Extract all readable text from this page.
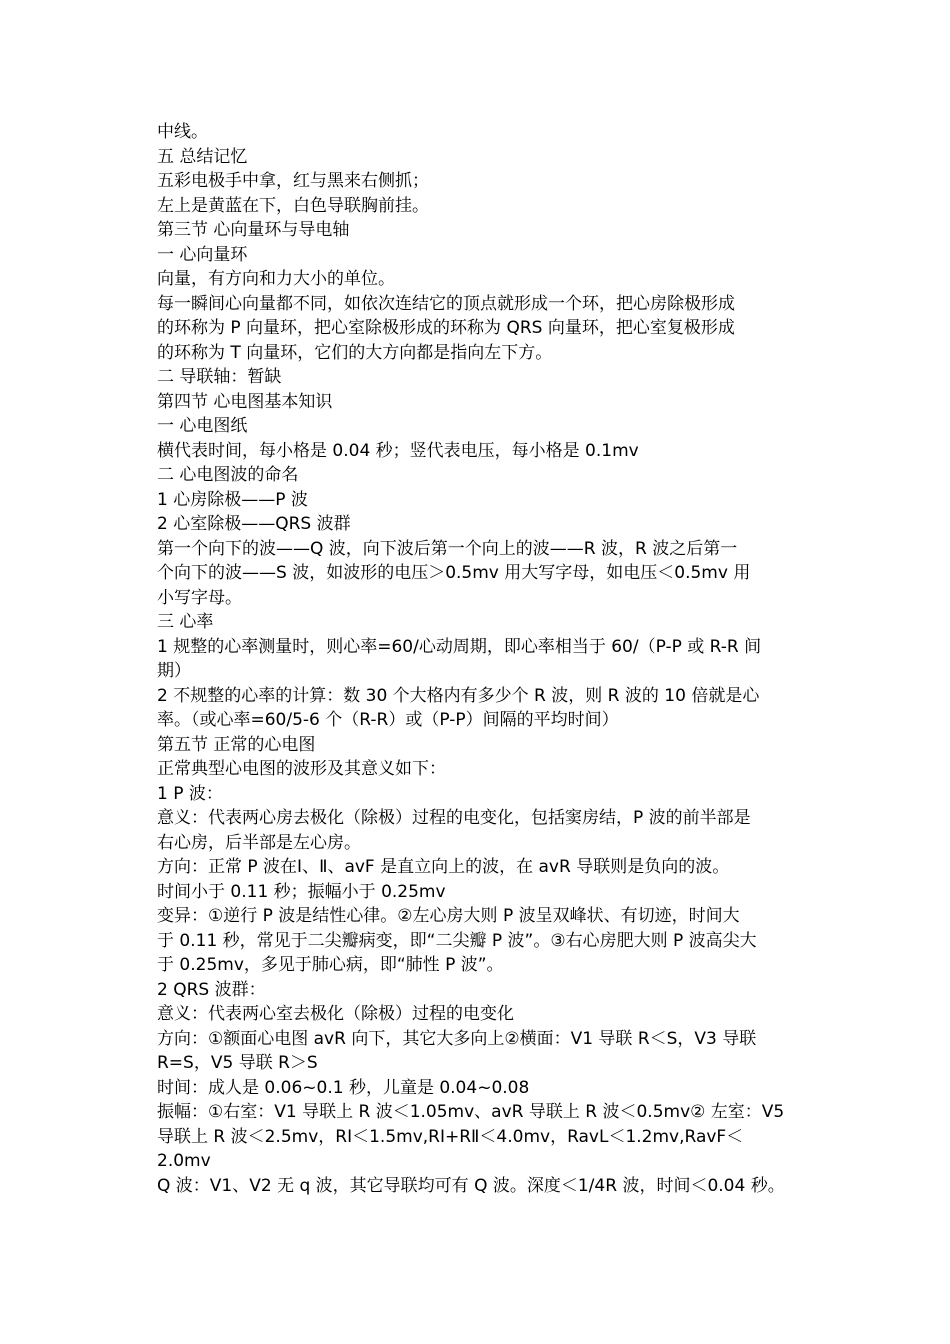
中线。

五 总结记忆

五彩电极手中拿，红与黑来右侧抓；

左上是黄蓝在下，白色导联胸前挂。

第三节 心向量环与导电轴

一 心向量环

向量，有方向和力大小的单位。

每一瞬间心向量都不同，如依次连结它的顶点就形成一个环，把心房除极形成

的环称为 P 向量环，把心室除极形成的环称为 QRS 向量环，把心室复极形成

的环称为 T 向量环，它们的大方向都是指向左下方。

二 导联轴：暂缺

第四节 心电图基本知识

一 心电图纸

横代表时间，每小格是 0.04 秒；竖代表电压，每小格是 0.1mv

二 心电图波的命名

1 心房除极——P 波

2 心室除极——QRS 波群

第一个向下的波——Q 波，向下波后第一个向上的波——R 波，R 波之后第一

个向下的波——S 波，如波形的电压＞0.5mv 用大写字母，如电压＜0.5mv 用

小写字母。

三 心率

1 规整的心率测量时，则心率=60/心动周期，即心率相当于 60/（P-P 或 R-R 间

期）

2 不规整的心率的计算：数 30 个大格内有多少个 R 波，则 R 波的 10 倍就是心

率。（或心率=60/5-6 个（R-R）或（P-P）间隔的平均时间）

第五节 正常的心电图

正常典型心电图的波形及其意义如下：

1 P 波：

意义：代表两心房去极化（除极）过程的电变化，包括窦房结，P 波的前半部是

右心房，后半部是左心房。

方向：正常 P 波在Ⅰ、Ⅱ、avF 是直立向上的波，在 avR 导联则是负向的波。

时间小于 0.11 秒；振幅小于 0.25mv

变异：①逆行 P 波是结性心律。②左心房大则 P 波呈双峰状、有切迹，时间大

于 0.11 秒，常见于二尖瓣病变，即“二尖瓣 P 波”。③右心房肥大则 P 波高尖大

于 0.25mv，多见于肺心病，即“肺性 P 波”。

2 QRS 波群：

意义：代表两心室去极化（除极）过程的电变化

方向：①额面心电图 avR 向下，其它大多向上②横面：V1 导联 R＜S，V3 导联

R=S，V5 导联 R＞S

时间：成人是 0.06~0.1 秒，儿童是 0.04~0.08

振幅：①右室：V1 导联上 R 波＜1.05mv、avR 导联上 R 波＜0.5mv② 左室：V5

导联上 R 波＜2.5mv，RⅠ＜1.5mv,RⅠ+RⅡ＜4.0mv，RavL＜1.2mv,RavF＜

2.0mv

Q 波：V1、V2 无 q 波，其它导联均可有 Q 波。深度＜1/4R 波，时间＜0.04 秒。
